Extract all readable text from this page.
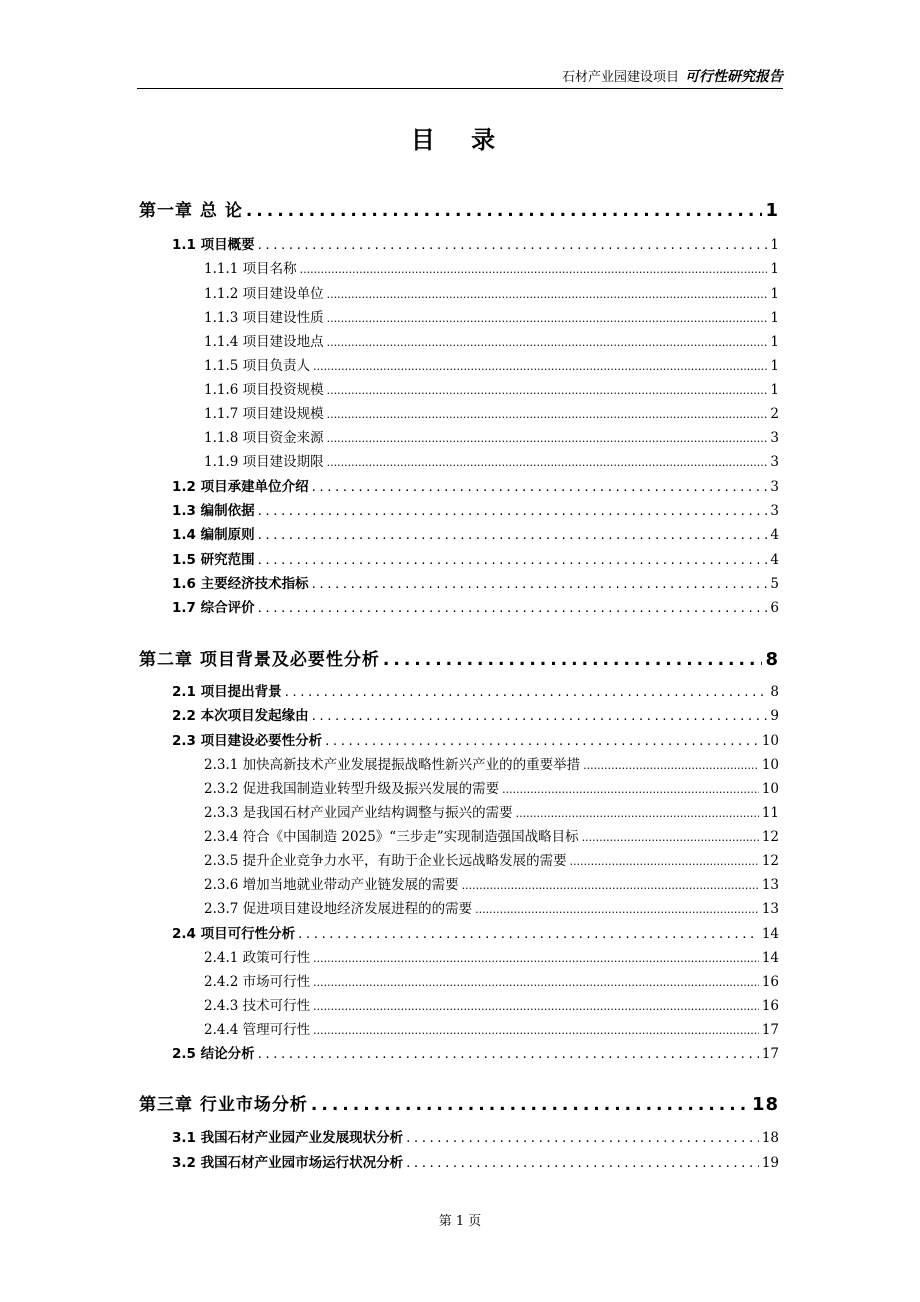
石材产业园建设项目 可行性研究报告
目 录
第一章 总 论 .....	1
1.1 项目概要 .....	1
1.1.1 项目名称 .....	1
1.1.2 项目建设单位 .....	1
1.1.3 项目建设性质 .....	1
1.1.4 项目建设地点 .....	1
1.1.5 项目负责人 .....	1
1.1.6 项目投资规模 .....	1
1.1.7 项目建设规模 .....	2
1.1.8 项目资金来源 .....	3
1.1.9 项目建设期限 .....	3
1.2 项目承建单位介绍 .....	3
1.3 编制依据 .....	3
1.4 编制原则 .....	4
1.5 研究范围 .....	4
1.6 主要经济技术指标 .....	5
1.7 综合评价 .....	6
第二章 项目背景及必要性分析 .....	8
2.1 项目提出背景 .....	8
2.2 本次项目发起缘由 .....	9
2.3 项目建设必要性分析 .....	10
2.3.1 加快高新技术产业发展提振战略性新兴产业的的重要举措 .....	10
2.3.2 促进我国制造业转型升级及振兴发展的需要 .....	10
2.3.3 是我国石材产业园产业结构调整与振兴的需要 .....	11
2.3.4 符合《中国制造 2025》“三步走”实现制造强国战略目标 .....	12
2.3.5 提升企业竞争力水平，有助于企业长远战略发展的需要 .....	12
2.3.6 增加当地就业带动产业链发展的需要 .....	13
2.3.7 促进项目建设地经济发展进程的的需要 .....	13
2.4 项目可行性分析 .....	14
2.4.1 政策可行性 .....	14
2.4.2 市场可行性 .....	16
2.4.3 技术可行性 .....	16
2.4.4 管理可行性 .....	17
2.5 结论分析 .....	17
第三章 行业市场分析 .....	18
3.1 我国石材产业园产业发展现状分析 .....	18
3.2 我国石材产业园市场运行状况分析 .....	19
第 1 页
